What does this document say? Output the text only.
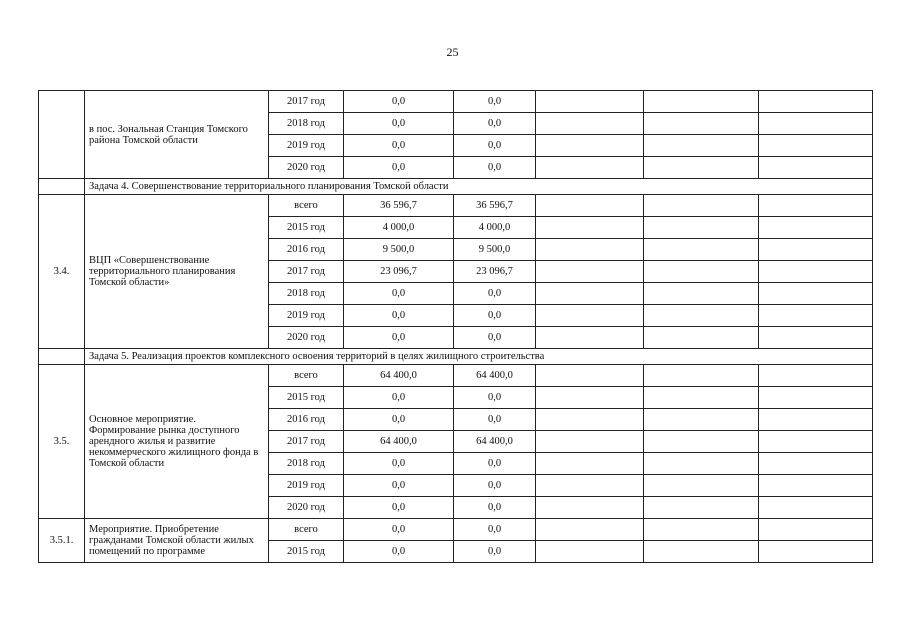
25
	в пос. Зональная Станция Томского района Томской области	2017 год	0,0	0,0			
		2018 год	0,0	0,0			
		2019 год	0,0	0,0			
		2020 год	0,0	0,0			
	Задача 4. Совершенствование территориального планирования Томской области						
3.4.	ВЦП «Совершенствование территориального планирования Томской области»	всего	36 596,7	36 596,7			
		2015 год	4 000,0	4 000,0			
		2016 год	9 500,0	9 500,0			
		2017 год	23 096,7	23 096,7			
		2018 год	0,0	0,0			
		2019 год	0,0	0,0			
		2020 год	0,0	0,0			
	Задача 5. Реализация проектов комплексного освоения территорий в целях жилищного строительства						
3.5.	Основное мероприятие. Формирование рынка доступного арендного жилья и развитие некоммерческого жилищного фонда в Томской области	всего	64 400,0	64 400,0			
		2015 год	0,0	0,0			
		2016 год	0,0	0,0			
		2017 год	64 400,0	64 400,0			
		2018 год	0,0	0,0			
		2019 год	0,0	0,0			
		2020 год	0,0	0,0			
3.5.1.	Мероприятие. Приобретение гражданами Томской области жилых помещений по программе	всего	0,0	0,0			
		2015 год	0,0	0,0			
